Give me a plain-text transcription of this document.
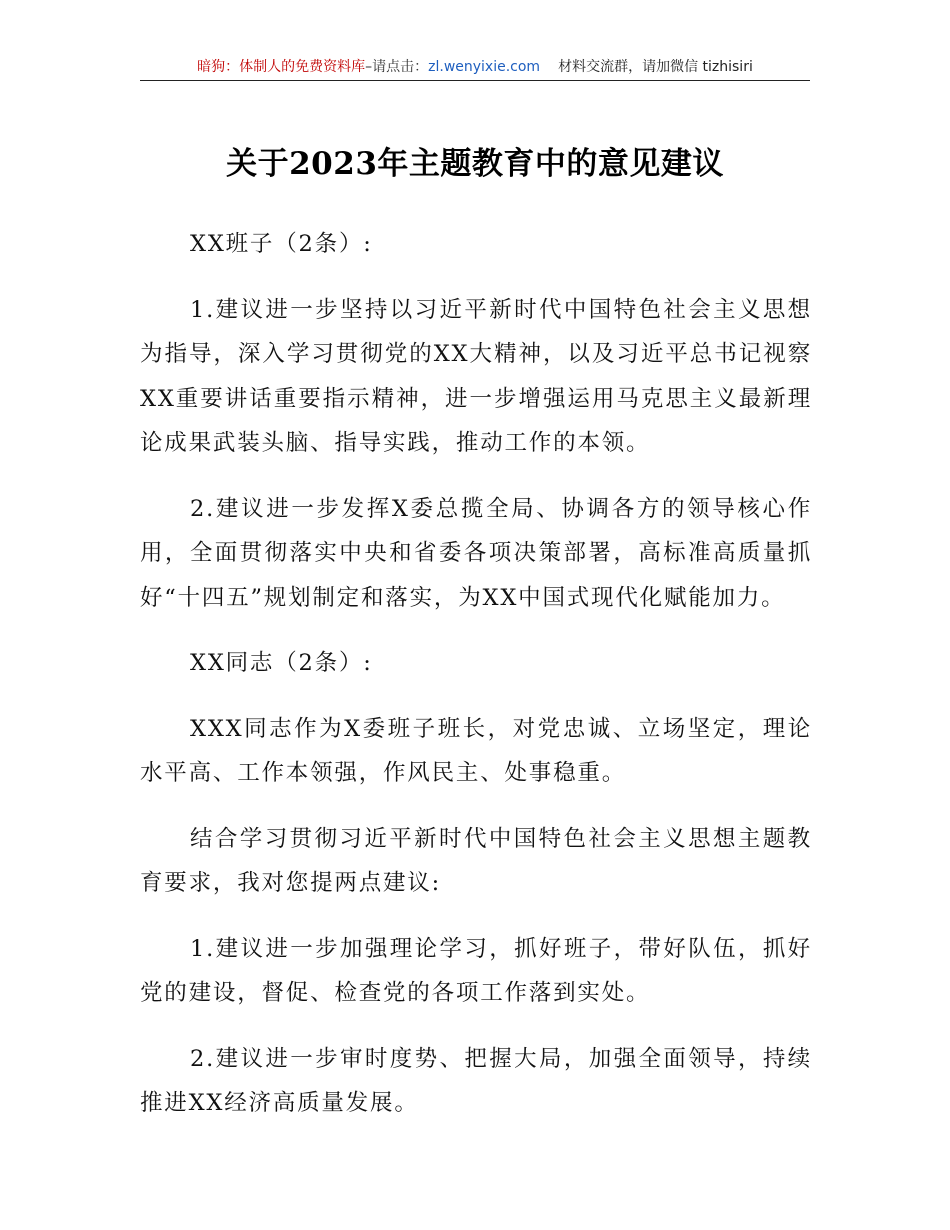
暗狗：体制人的免费资料库–请点击：zl.wenyixie.com 材料交流群，请加微信 tizhisiri
关于2023年主题教育中的意见建议

XX班子（2条）:

1.建议进一步坚持以习近平新时代中国特色社会主义思想为指导，深入学习贯彻党的XX大精神，以及习近平总书记视察XX重要讲话重要指示精神，进一步增强运用马克思主义最新理论成果武装头脑、指导实践，推动工作的本领。

2.建议进一步发挥X委总揽全局、协调各方的领导核心作用，全面贯彻落实中央和省委各项决策部署，高标准高质量抓好“十四五”规划制定和落实，为XX中国式现代化赋能加力。

XX同志（2条）:

XXX同志作为X委班子班长，对党忠诚、立场坚定，理论水平高、工作本领强，作风民主、处事稳重。

结合学习贯彻习近平新时代中国特色社会主义思想主题教育要求，我对您提两点建议:

1.建议进一步加强理论学习，抓好班子，带好队伍，抓好党的建设，督促、检查党的各项工作落到实处。

2.建议进一步审时度势、把握大局，加强全面领导，持续推进XX经济高质量发展。
